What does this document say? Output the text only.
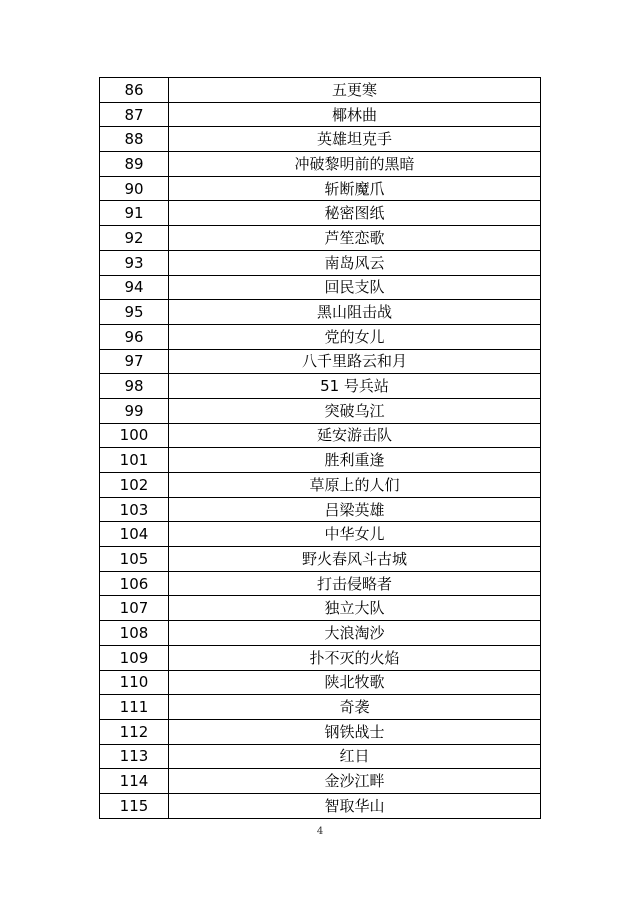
86	五更寒
87	椰林曲
88	英雄坦克手
89	冲破黎明前的黑暗
90	斩断魔爪
91	秘密图纸
92	芦笙恋歌
93	南岛风云
94	回民支队
95	黑山阻击战
96	党的女儿
97	八千里路云和月
98	51 号兵站
99	突破乌江
100	延安游击队
101	胜利重逢
102	草原上的人们
103	吕梁英雄
104	中华女儿
105	野火春风斗古城
106	打击侵略者
107	独立大队
108	大浪淘沙
109	扑不灭的火焰
110	陕北牧歌
111	奇袭
112	钢铁战士
113	红日
114	金沙江畔
115	智取华山
4
